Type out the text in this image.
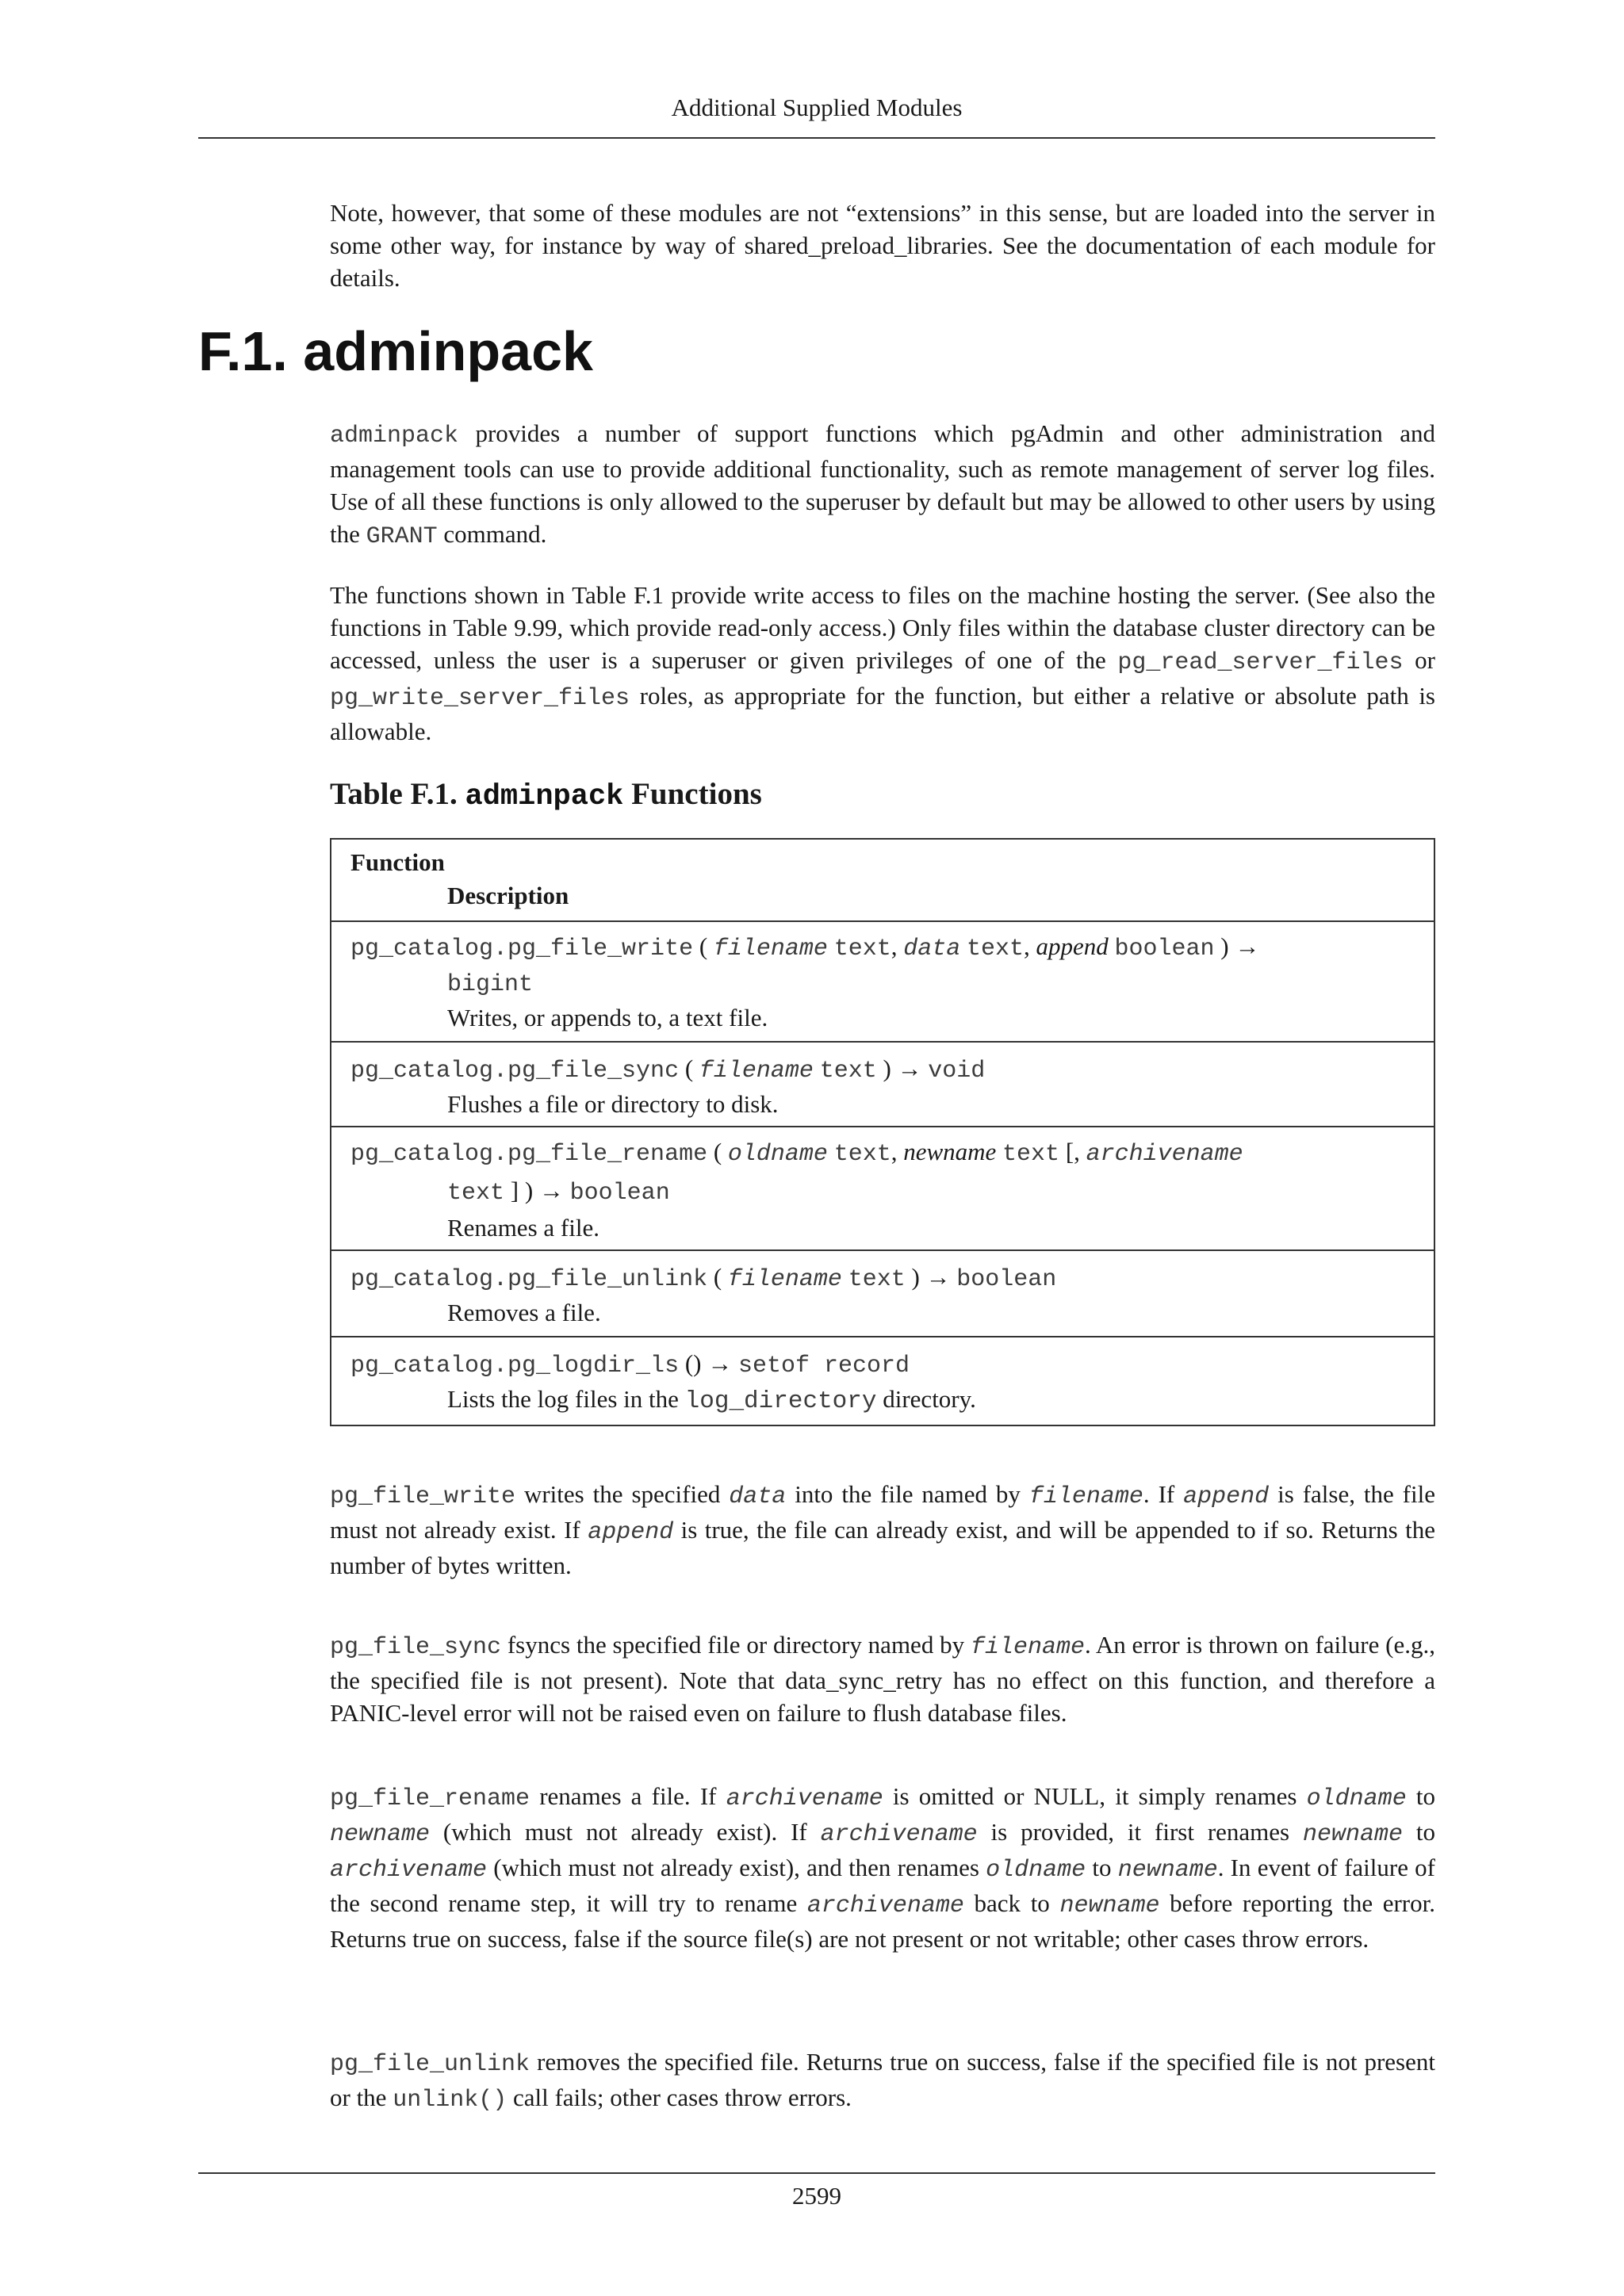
Additional Supplied Modules

Note, however, that some of these modules are not “extensions” in this sense, but are loaded into the server in some other way, for instance by way of shared_preload_libraries. See the documentation of each module for details.

F.1. adminpack

adminpack provides a number of support functions which pgAdmin and other administration and management tools can use to provide additional functionality, such as remote management of server log files. Use of all these functions is only allowed to the superuser by default but may be allowed to other users by using the GRANT command.

The functions shown in Table F.1 provide write access to files on the machine hosting the server. (See also the functions in Table 9.99, which provide read-only access.) Only files within the database cluster directory can be accessed, unless the user is a superuser or given privileges of one of the pg_read_server_files or pg_write_server_files roles, as appropriate for the function, but either a relative or absolute path is allowable.

Table F.1. adminpack Functions
Function
Description
pg_catalog.pg_file_write ( filename text, data text, append boolean ) →
bigint
Writes, or appends to, a text file.
pg_catalog.pg_file_sync ( filename text ) → void
Flushes a file or directory to disk.
pg_catalog.pg_file_rename ( oldname text, newname text [, archivename
text ] ) → boolean
Renames a file.
pg_catalog.pg_file_unlink ( filename text ) → boolean
Removes a file.
pg_catalog.pg_logdir_ls () → setof record
Lists the log files in the log_directory directory.

pg_file_write writes the specified data into the file named by filename. If append is false, the file must not already exist. If append is true, the file can already exist, and will be appended to if so. Returns the number of bytes written.

pg_file_sync fsyncs the specified file or directory named by filename. An error is thrown on failure (e.g., the specified file is not present). Note that data_sync_retry has no effect on this function, and therefore a PANIC-level error will not be raised even on failure to flush database files.

pg_file_rename renames a file. If archivename is omitted or NULL, it simply renames oldname to newname (which must not already exist). If archivename is provided, it first renames newname to archivename (which must not already exist), and then renames oldname to newname. In event of failure of the second rename step, it will try to rename archivename back to newname before reporting the error. Returns true on success, false if the source file(s) are not present or not writable; other cases throw errors.

pg_file_unlink removes the specified file. Returns true on success, false if the specified file is not present or the unlink() call fails; other cases throw errors.

2599
